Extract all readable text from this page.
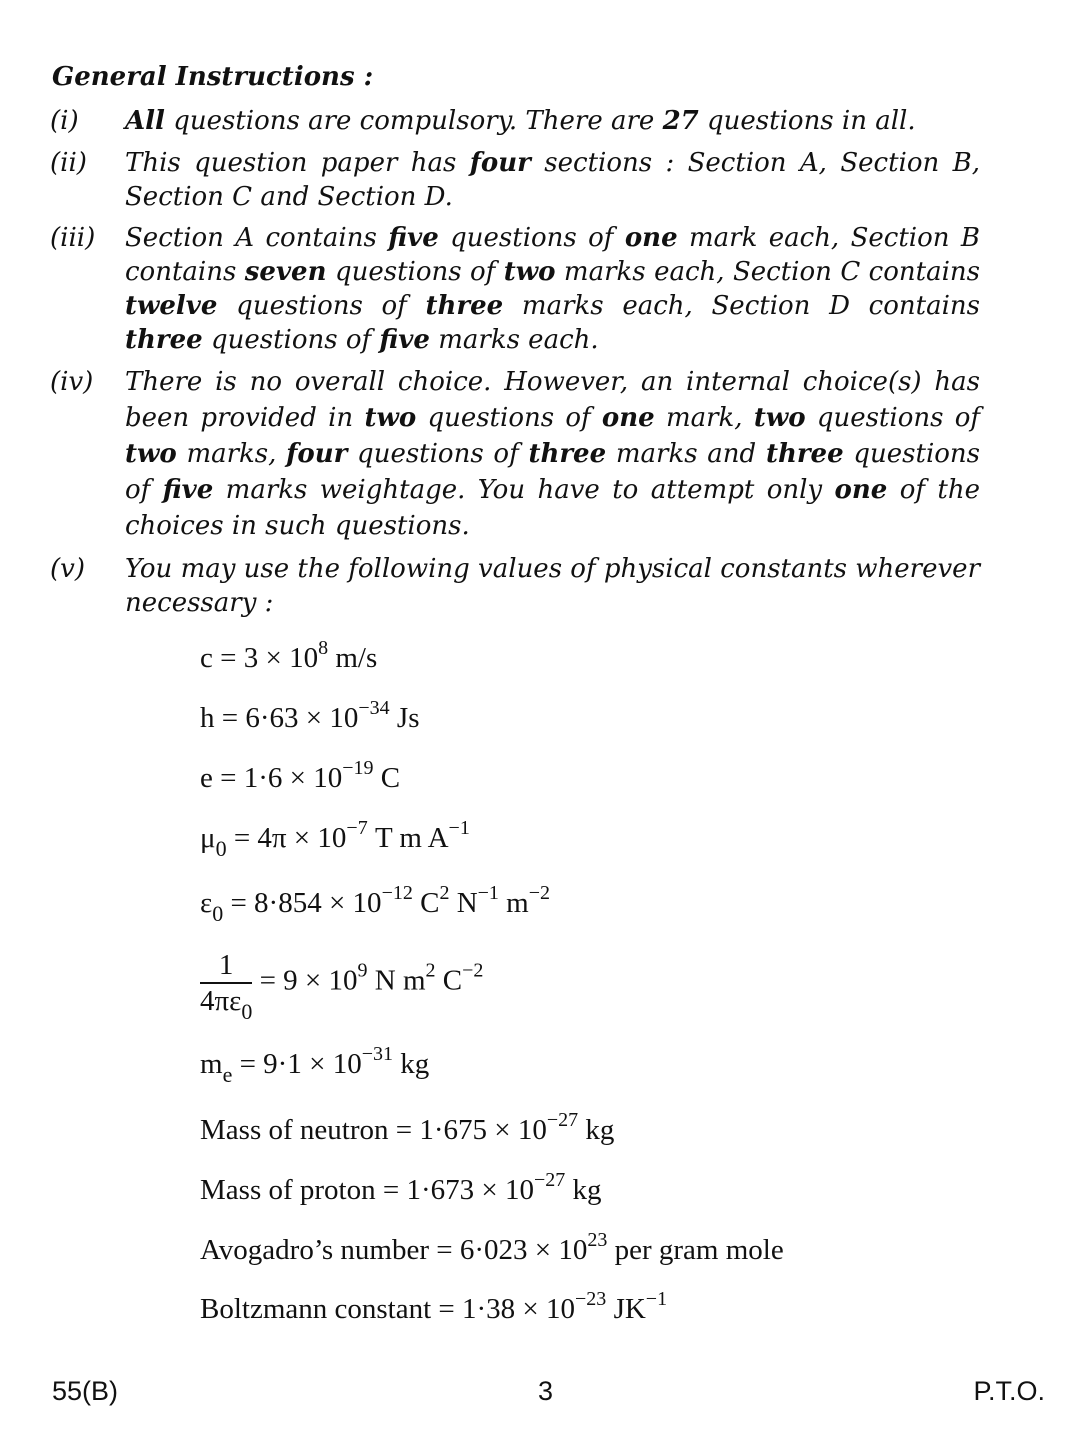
General Instructions :
(i)	All questions are compulsory. There are 27 questions in all.
(ii)	This question paper has four sections : Section A, Section B, Section C and Section D.
(iii)	Section A contains five questions of one mark each, Section B contains seven questions of two marks each, Section C contains twelve questions of three marks each, Section D contains three questions of five marks each.
(iv)	There is no overall choice. However, an internal choice(s) has been provided in two questions of one mark, two questions of two marks, four questions of three marks and three questions of five marks weightage. You have to attempt only one of the choices in such questions.
(v)	You may use the following values of physical constants wherever necessary :
$c = 3 \times 10^8$ m/s
$h = 6\cdot 63 \times 10^{-34}$ Js
$e = 1\cdot 6 \times 10^{-19}$ C
$\mu_0 = 4\pi \times 10^{-7}$ T m $A^{-1}$
$\varepsilon_0 = 8\cdot 854 \times 10^{-12}$ $C^2$ $N^{-1}$ $m^{-2}$
$\frac{1}{4\pi\varepsilon_0} = 9 \times 10^9$ N $m^2$ $C^{-2}$
$m_e = 9\cdot 1 \times 10^{-31}$ kg
Mass of neutron = $1\cdot 675 \times 10^{-27}$ kg
Mass of proton = $1\cdot 673 \times 10^{-27}$ kg
Avogadro’s number = $6\cdot 023 \times 10^{23}$ per gram mole
Boltzmann constant = $1\cdot 38 \times 10^{-23}$ $JK^{-1}$
55(B)	3	P.T.O.
